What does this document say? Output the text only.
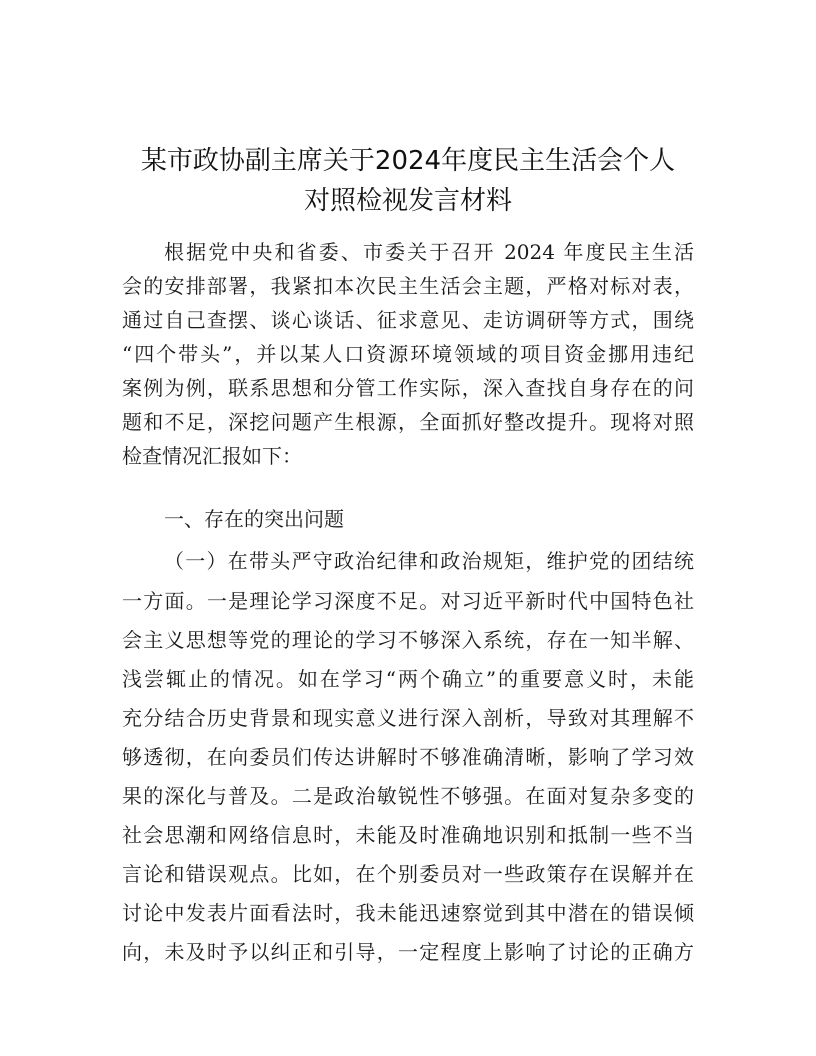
某市政协副主席关于2024年度民主生活会个人
对照检视发言材料
根据党中央和省委、市委关于召开 2024 年度民主生活
会的安排部署，我紧扣本次民主生活会主题，严格对标对表，
通过自己查摆、谈心谈话、征求意见、走访调研等方式，围绕
“四个带头”，并以某人口资源环境领域的项目资金挪用违纪
案例为例，联系思想和分管工作实际，深入查找自身存在的问
题和不足，深挖问题产生根源，全面抓好整改提升。现将对照
检查情况汇报如下：
一、存在的突出问题
（一）在带头严守政治纪律和政治规矩，维护党的团结统
一方面。一是理论学习深度不足。对习近平新时代中国特色社
会主义思想等党的理论的学习不够深入系统，存在一知半解、
浅尝辄止的情况。如在学习“两个确立”的重要意义时，未能
充分结合历史背景和现实意义进行深入剖析，导致对其理解不
够透彻，在向委员们传达讲解时不够准确清晰，影响了学习效
果的深化与普及。二是政治敏锐性不够强。在面对复杂多变的
社会思潮和网络信息时，未能及时准确地识别和抵制一些不当
言论和错误观点。比如，在个别委员对一些政策存在误解并在
讨论中发表片面看法时，我未能迅速察觉到其中潜在的错误倾
向，未及时予以纠正和引导，一定程度上影响了讨论的正确方
